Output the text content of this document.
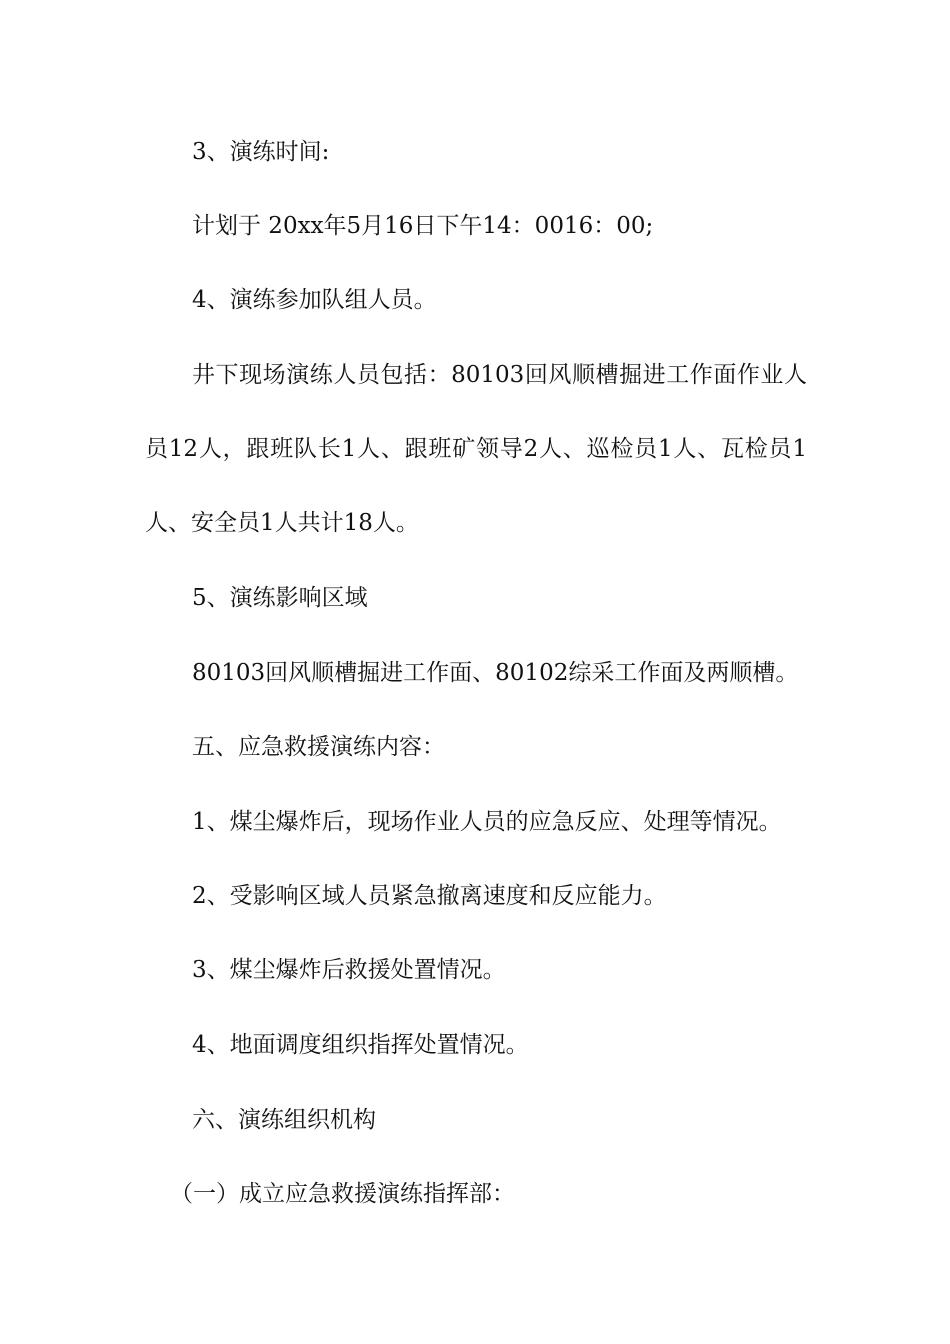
3、演练时间:

计划于 20xx年5月16日下午14：0016：00;

4、演练参加队组人员。

井下现场演练人员包括：80103回风顺槽掘进工作面作业人员12人，跟班队长1人、跟班矿领导2人、巡检员1人、瓦检员1人、安全员1人共计18人。

5、演练影响区域

80103回风顺槽掘进工作面、80102综采工作面及两顺槽。

五、应急救援演练内容：

1、煤尘爆炸后，现场作业人员的应急反应、处理等情况。

2、受影响区域人员紧急撤离速度和反应能力。

3、煤尘爆炸后救援处置情况。

4、地面调度组织指挥处置情况。

六、演练组织机构

（一）成立应急救援演练指挥部：
